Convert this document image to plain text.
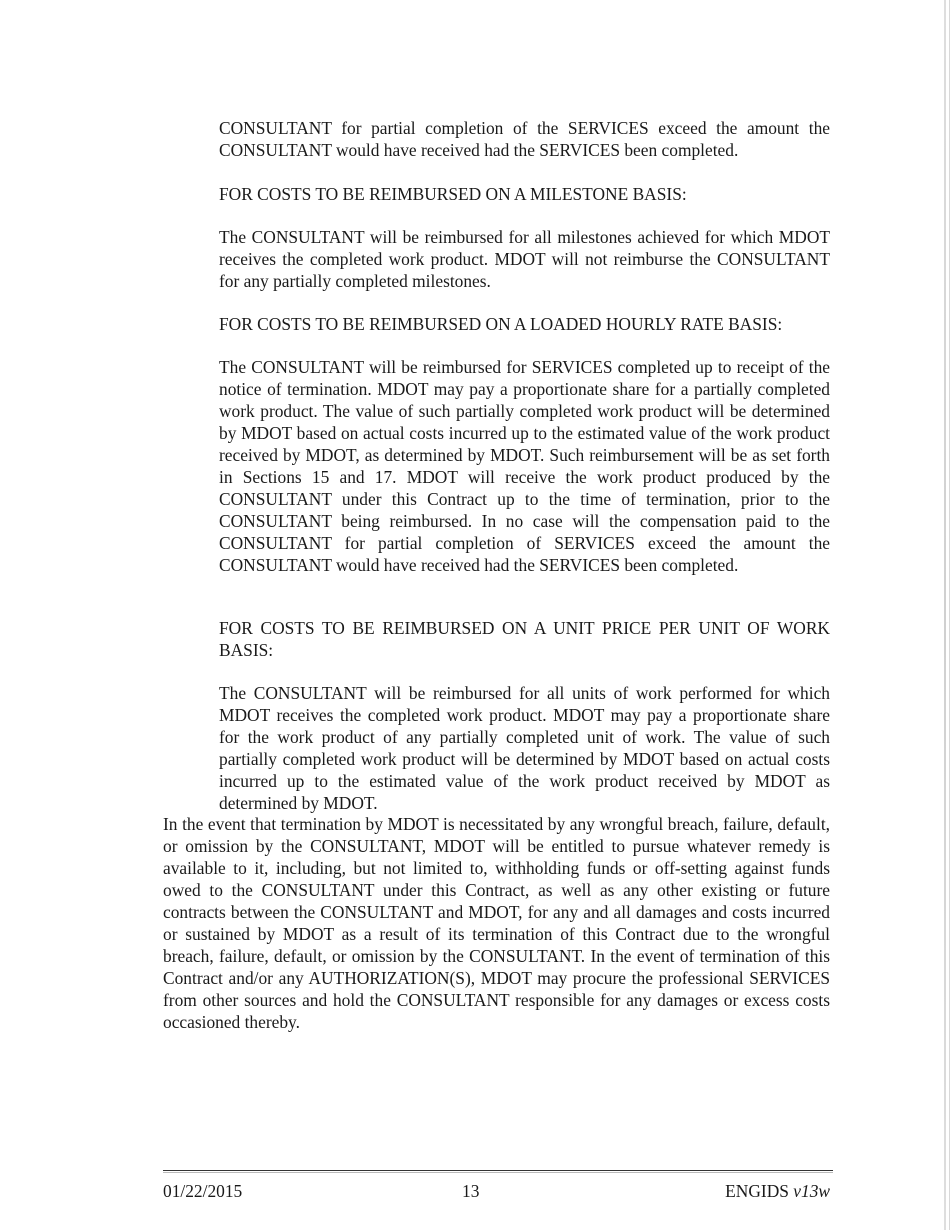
CONSULTANT for partial completion of the SERVICES exceed the amount the CONSULTANT would have received had the SERVICES been completed.

FOR COSTS TO BE REIMBURSED ON A MILESTONE BASIS:

The CONSULTANT will be reimbursed for all milestones achieved for which MDOT receives the completed work product. MDOT will not reimburse the CONSULTANT for any partially completed milestones.

FOR COSTS TO BE REIMBURSED ON A LOADED HOURLY RATE BASIS:

The CONSULTANT will be reimbursed for SERVICES completed up to receipt of the notice of termination. MDOT may pay a proportionate share for a partially completed work product. The value of such partially completed work product will be determined by MDOT based on actual costs incurred up to the estimated value of the work product received by MDOT, as determined by MDOT. Such reimbursement will be as set forth in Sections 15 and 17. MDOT will receive the work product produced by the CONSULTANT under this Contract up to the time of termination, prior to the CONSULTANT being reimbursed. In no case will the compensation paid to the CONSULTANT for partial completion of SERVICES exceed the amount the CONSULTANT would have received had the SERVICES been completed.

FOR COSTS TO BE REIMBURSED ON A UNIT PRICE PER UNIT OF WORK BASIS:

The CONSULTANT will be reimbursed for all units of work performed for which MDOT receives the completed work product. MDOT may pay a proportionate share for the work product of any partially completed unit of work. The value of such partially completed work product will be determined by MDOT based on actual costs incurred up to the estimated value of the work product received by MDOT as determined by MDOT.

In the event that termination by MDOT is necessitated by any wrongful breach, failure, default, or omission by the CONSULTANT, MDOT will be entitled to pursue whatever remedy is available to it, including, but not limited to, withholding funds or off-setting against funds owed to the CONSULTANT under this Contract, as well as any other existing or future contracts between the CONSULTANT and MDOT, for any and all damages and costs incurred or sustained by MDOT as a result of its termination of this Contract due to the wrongful breach, failure, default, or omission by the CONSULTANT. In the event of termination of this Contract and/or any AUTHORIZATION(S), MDOT may procure the professional SERVICES from other sources and hold the CONSULTANT responsible for any damages or excess costs occasioned thereby.

01/22/2015	13	ENGIDS v13w
